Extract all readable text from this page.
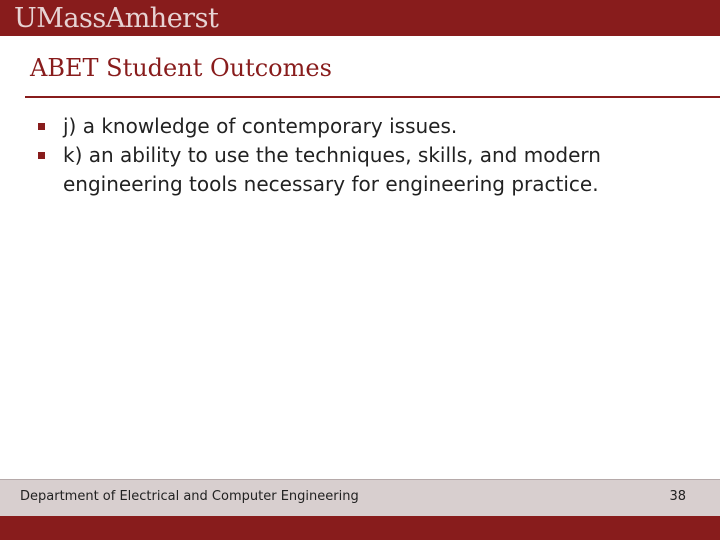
UMassAmherst
ABET Student Outcomes
j) a knowledge of contemporary issues.
k) an ability to use the techniques, skills, and modern engineering tools necessary for engineering practice.
Department of Electrical and Computer Engineering	38
